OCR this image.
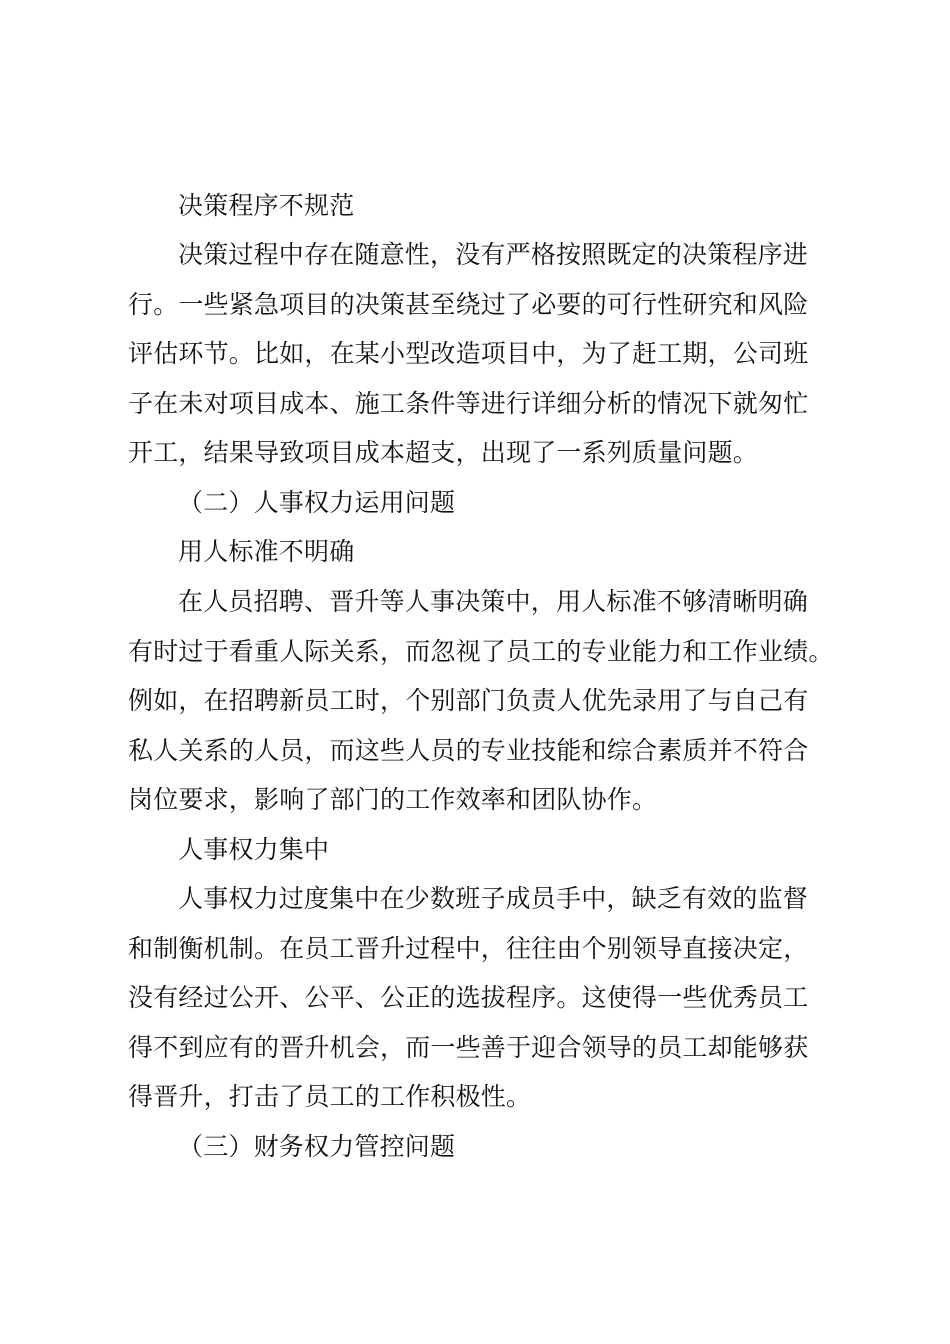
决策程序不规范
决策过程中存在随意性，没有严格按照既定的决策程序进
行。一些紧急项目的决策甚至绕过了必要的可行性研究和风险
评估环节。比如，在某小型改造项目中，为了赶工期，公司班
子在未对项目成本、施工条件等进行详细分析的情况下就匆忙
开工，结果导致项目成本超支，出现了一系列质量问题。
（二）人事权力运用问题
用人标准不明确
在人员招聘、晋升等人事决策中，用人标准不够清晰明确
有时过于看重人际关系，而忽视了员工的专业能力和工作业绩。
例如，在招聘新员工时，个别部门负责人优先录用了与自己有
私人关系的人员，而这些人员的专业技能和综合素质并不符合
岗位要求，影响了部门的工作效率和团队协作。
人事权力集中
人事权力过度集中在少数班子成员手中，缺乏有效的监督
和制衡机制。在员工晋升过程中，往往由个别领导直接决定，
没有经过公开、公平、公正的选拔程序。这使得一些优秀员工
得不到应有的晋升机会，而一些善于迎合领导的员工却能够获
得晋升，打击了员工的工作积极性。
（三）财务权力管控问题
